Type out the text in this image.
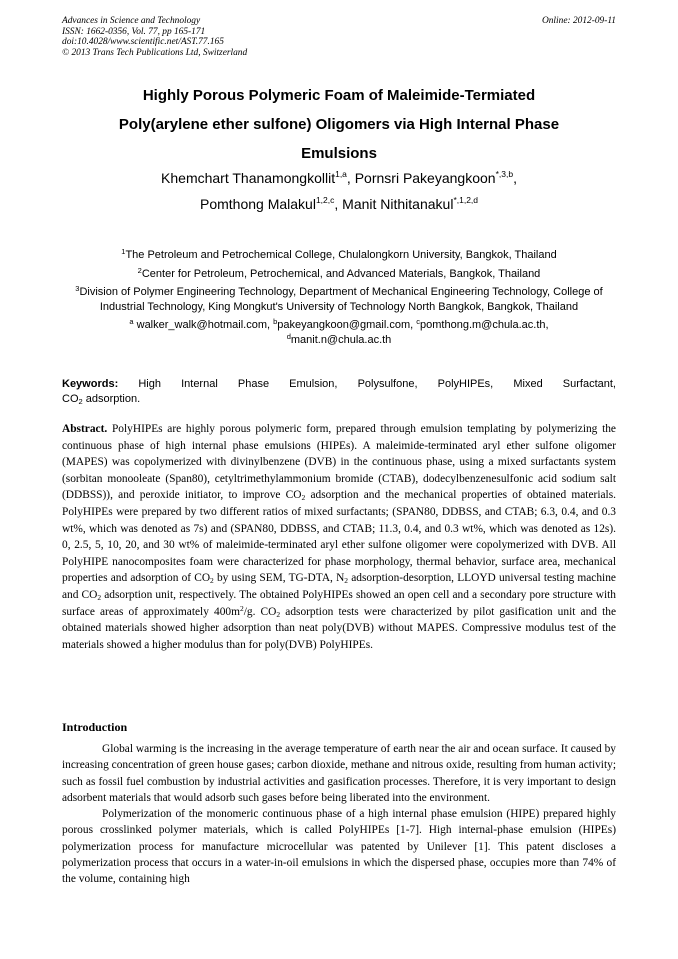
Advances in Science and Technology
ISSN: 1662-0356, Vol. 77, pp 165-171
doi:10.4028/www.scientific.net/AST.77.165
© 2013 Trans Tech Publications Ltd, Switzerland
Online: 2012-09-11
Highly Porous Polymeric Foam of Maleimide-Termiated
Poly(arylene ether sulfone) Oligomers via High Internal Phase
Emulsions
Khemchart Thanamongkollit$^{1,a}$, Pornsri Pakeyangkoon$^{*,3,b}$,
Pomthong Malakul$^{1,2,c}$, Manit Nithitanakul$^{*,1,2,d}$

$^1$The Petroleum and Petrochemical College, Chulalongkorn University, Bangkok, Thailand

$^2$Center for Petroleum, Petrochemical, and Advanced Materials, Bangkok, Thailand

$^3$Division of Polymer Engineering Technology, Department of Mechanical Engineering Technology, College of Industrial Technology, King Mongkut's University of Technology North Bangkok, Bangkok, Thailand

$^a$ walker_walk@hotmail.com, $^b$pakeyangkoon@gmail.com, $^c$pomthong.m@chula.ac.th,
$^d$manit.n@chula.ac.th

Keywords: High Internal Phase Emulsion, Polysulfone, PolyHIPEs, Mixed Surfactant,
$CO_2$ adsorption.
Abstract. PolyHIPEs are highly porous polymeric form, prepared through emulsion templating by polymerizing the continuous phase of high internal phase emulsions (HIPEs). A maleimide-terminated aryl ether sulfone oligomer (MAPES) was copolymerized with divinylbenzene (DVB) in the continuous phase, using a mixed surfactants system (sorbitan monooleate (Span80), cetyltrimethylammonium bromide (CTAB), dodecylbenzenesulfonic acid sodium salt (DDBSS)), and peroxide initiator, to improve $CO_2$ adsorption and the mechanical properties of obtained materials. PolyHIPEs were prepared by two different ratios of mixed surfactants; (SPAN80, DDBSS, and CTAB; 6.3, 0.4, and 0.3 wt%, which was denoted as 7s) and (SPAN80, DDBSS, and CTAB; 11.3, 0.4, and 0.3 wt%, which was denoted as 12s). 0, 2.5, 5, 10, 20, and 30 wt% of maleimide-terminated aryl ether sulfone oligomer were copolymerized with DVB. All PolyHIPE nanocomposites foam were characterized for phase morphology, thermal behavior, surface area, mechanical properties and adsorption of $CO_2$ by using SEM, TG-DTA, $N_2$ adsorption-desorption, LLOYD universal testing machine and $CO_2$ adsorption unit, respectively. The obtained PolyHIPEs showed an open cell and a secondary pore structure with surface areas of approximately $400m^2/g$. $CO_2$ adsorption tests were characterized by pilot gasification unit and the obtained materials showed higher adsorption than neat poly(DVB) without MAPES. Compressive modulus test of the materials showed a higher modulus than for poly(DVB) PolyHIPEs.
Introduction

Global warming is the increasing in the average temperature of earth near the air and ocean surface. It caused by increasing concentration of green house gases; carbon dioxide, methane and nitrous oxide, resulting from human activity; such as fossil fuel combustion by industrial activities and gasification processes. Therefore, it is very important to design adsorbent materials that would adsorb such gases before being liberated into the environment.

Polymerization of the monomeric continuous phase of a high internal phase emulsion (HIPE) prepared highly porous crosslinked polymer materials, which is called PolyHIPEs [1-7]. High internal-phase emulsion (HIPEs) polymerization process for manufacture microcellular was patented by Unilever [1]. This patent discloses a polymerization process that occurs in a water-in-oil emulsions in which the dispersed phase, occupies more than 74% of the volume, containing high
